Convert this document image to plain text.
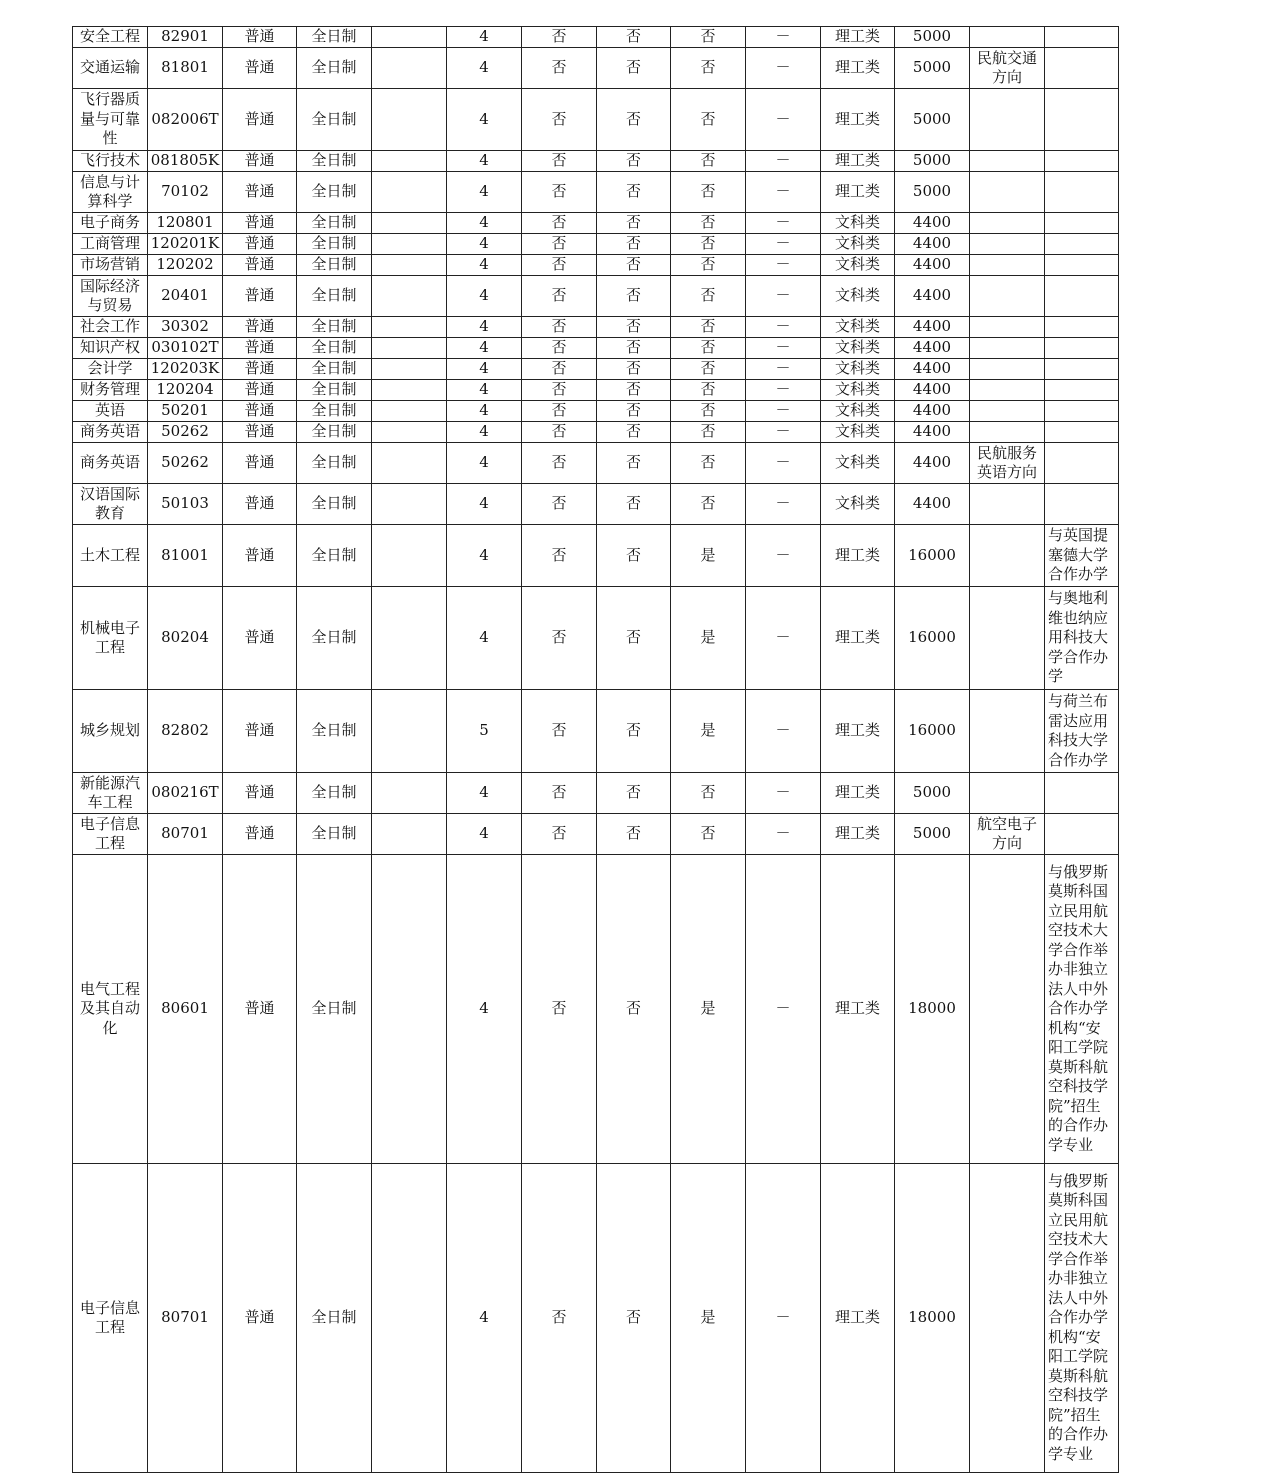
安全工程	82901	普通	全日制		4	否	否	否	－	理工类	5000		
交通运输	81801	普通	全日制		4	否	否	否	－	理工类	5000	民航交通方向	
飞行器质量与可靠性	082006T	普通	全日制		4	否	否	否	－	理工类	5000		
飞行技术	081805K	普通	全日制		4	否	否	否	－	理工类	5000		
信息与计算科学	70102	普通	全日制		4	否	否	否	－	理工类	5000		
电子商务	120801	普通	全日制		4	否	否	否	－	文科类	4400		
工商管理	120201K	普通	全日制		4	否	否	否	－	文科类	4400		
市场营销	120202	普通	全日制		4	否	否	否	－	文科类	4400		
国际经济与贸易	20401	普通	全日制		4	否	否	否	－	文科类	4400		
社会工作	30302	普通	全日制		4	否	否	否	－	文科类	4400		
知识产权	030102T	普通	全日制		4	否	否	否	－	文科类	4400		
会计学	120203K	普通	全日制		4	否	否	否	－	文科类	4400		
财务管理	120204	普通	全日制		4	否	否	否	－	文科类	4400		
英语	50201	普通	全日制		4	否	否	否	－	文科类	4400		
商务英语	50262	普通	全日制		4	否	否	否	－	文科类	4400		
商务英语	50262	普通	全日制		4	否	否	否	－	文科类	4400	民航服务英语方向	
汉语国际教育	50103	普通	全日制		4	否	否	否	－	文科类	4400		
土木工程	81001	普通	全日制		4	否	否	是	－	理工类	16000		与英国提塞德大学合作办学
机械电子工程	80204	普通	全日制		4	否	否	是	－	理工类	16000		与奥地利维也纳应用科技大学合作办学
城乡规划	82802	普通	全日制		5	否	否	是	－	理工类	16000		与荷兰布雷达应用科技大学合作办学
新能源汽车工程	080216T	普通	全日制		4	否	否	否	－	理工类	5000		
电子信息工程	80701	普通	全日制		4	否	否	否	－	理工类	5000	航空电子方向	
电气工程及其自动化	80601	普通	全日制		4	否	否	是	－	理工类	18000		与俄罗斯莫斯科国立民用航空技术大学合作举办非独立法人中外合作办学机构“安阳工学院莫斯科航空科技学院”招生的合作办学专业
电子信息工程	80701	普通	全日制		4	否	否	是	－	理工类	18000		与俄罗斯莫斯科国立民用航空技术大学合作举办非独立法人中外合作办学机构“安阳工学院莫斯科航空科技学院”招生的合作办学专业
